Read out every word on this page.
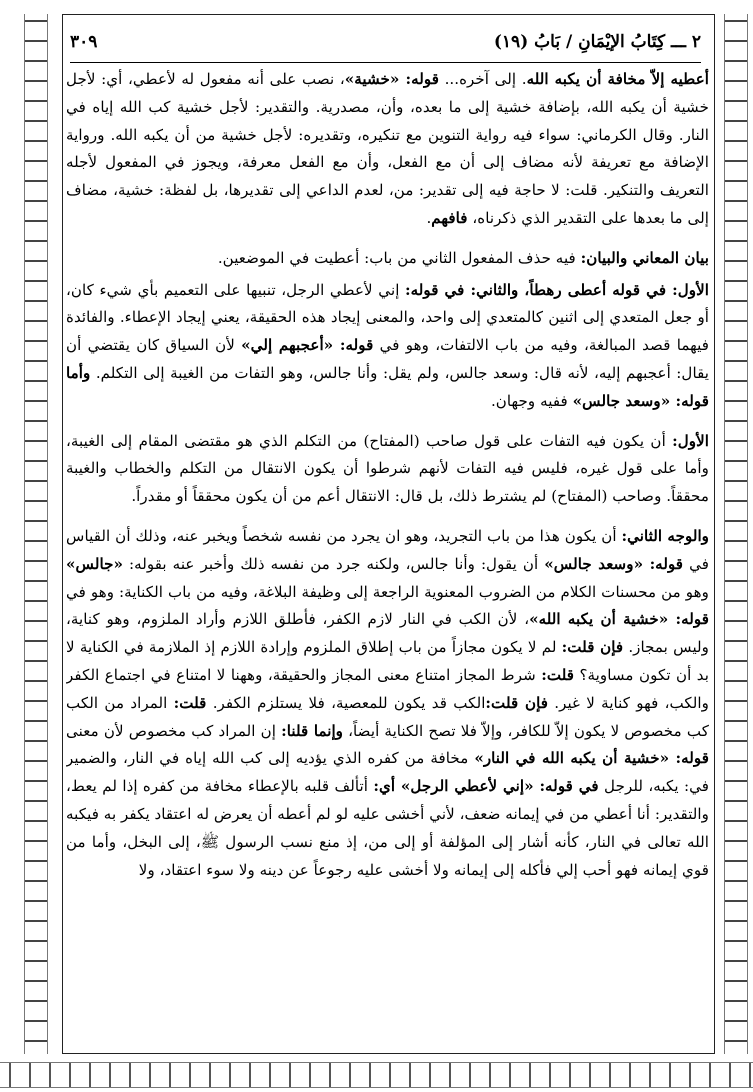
٢ ـــ كِتَابُ الإيْمَانِ / بَابُ (١٩)
٣٠٩

أعطيه إلاّ مخافة أن يكبه الله. إلى آخره... قوله: «خشية»، نصب على أنه مفعول له لأعطي، أي: لأجل خشية أن يكبه الله، بإضافة خشية إلى ما بعده، وأن، مصدرية. والتقدير: لأجل خشية كب الله إياه في النار. وقال الكرماني: سواء فيه رواية التنوين مع تنكيره، وتقديره: لأجل خشية من أن يكبه الله. ورواية الإضافة مع تعريفة لأنه مضاف إلى أن مع الفعل، وأن مع الفعل معرفة، ويجوز في المفعول لأجله التعريف والتنكير. قلت: لا حاجة فيه إلى تقدير: من، لعدم الداعي إلى تقديرها، بل لفظة: خشية، مضاف إلى ما بعدها على التقدير الذي ذكرناه، فافهم.

بيان المعاني والبيان: فيه حذف المفعول الثاني من باب: أعطيت في الموضعين.

الأول: في قوله أعطى رهطاً، والثاني: في قوله: إني لأعطي الرجل، تنبيها على التعميم بأي شيء كان، أو جعل المتعدي إلى اثنين كالمتعدي إلى واحد، والمعنى إيجاد هذه الحقيقة، يعني إيجاد الإعطاء. والفائدة فيهما قصد المبالغة، وفيه من باب الالتفات، وهو في قوله: «أعجبهم إلي» لأن السياق كان يقتضي أن يقال: أعجبهم إليه، لأنه قال: وسعد جالس، ولم يقل: وأنا جالس، وهو التفات من الغيبة إلى التكلم. وأما قوله: «وسعد جالس» ففيه وجهان.

الأول: أن يكون فيه التفات على قول صاحب (المفتاح) من التكلم الذي هو مقتضى المقام إلى الغيبة، وأما على قول غيره، فليس فيه التفات لأنهم شرطوا أن يكون الانتقال من التكلم والخطاب والغيبة محققاً. وصاحب (المفتاح) لم يشترط ذلك، بل قال: الانتقال أعم من أن يكون محققاً أو مقدراً.

والوجه الثاني: أن يكون هذا من باب التجريد، وهو ان يجرد من نفسه شخصاً ويخبر عنه، وذلك أن القياس في قوله: «وسعد جالس» أن يقول: وأنا جالس، ولكنه جرد من نفسه ذلك وأخبر عنه بقوله: «جالس» وهو من محسنات الكلام من الضروب المعنوية الراجعة إلى وظيفة البلاغة، وفيه من باب الكناية: وهو في قوله: «خشية أن يكبه الله»، لأن الكب في النار لازم الكفر، فأطلق اللازم وأراد الملزوم، وهو كناية، وليس بمجاز. فإن قلت: لم لا يكون مجازاً من باب إطلاق الملزوم وإرادة اللازم إذ الملازمة في الكناية لا بد أن تكون مساوية؟ قلت: شرط المجاز امتناع معنى المجاز والحقيقة، وههنا لا امتناع في اجتماع الكفر والكب، فهو كناية لا غير. فإن قلت:الكب قد يكون للمعصية، فلا يستلزم الكفر. قلت: المراد من الكب كب مخصوص لا يكون إلاّ للكافر، وإلاّ فلا تصح الكناية أيضاً، وإنما قلنا: إن المراد كب مخصوص لأن معنى قوله: «خشية أن يكبه الله في النار» مخافة من كفره الذي يؤديه إلى كب الله إياه في النار، والضمير في: يكبه، للرجل في قوله: «إني لأعطي الرجل» أي: أتألف قلبه بالإعطاء مخافة من كفره إذا لم يعط، والتقدير: أنا أعطي من في إيمانه ضعف، لأني أخشى عليه لو لم أعطه أن يعرض له اعتقاد يكفر به فيكبه الله تعالى في النار، كأنه أشار إلى المؤلفة أو إلى من، إذ منع نسب الرسول ﷺ، إلى البخل، وأما من قوي إيمانه فهو أحب إلي فأكله إلى إيمانه ولا أخشى عليه رجوعاً عن دينه ولا سوء اعتقاد، ولا
